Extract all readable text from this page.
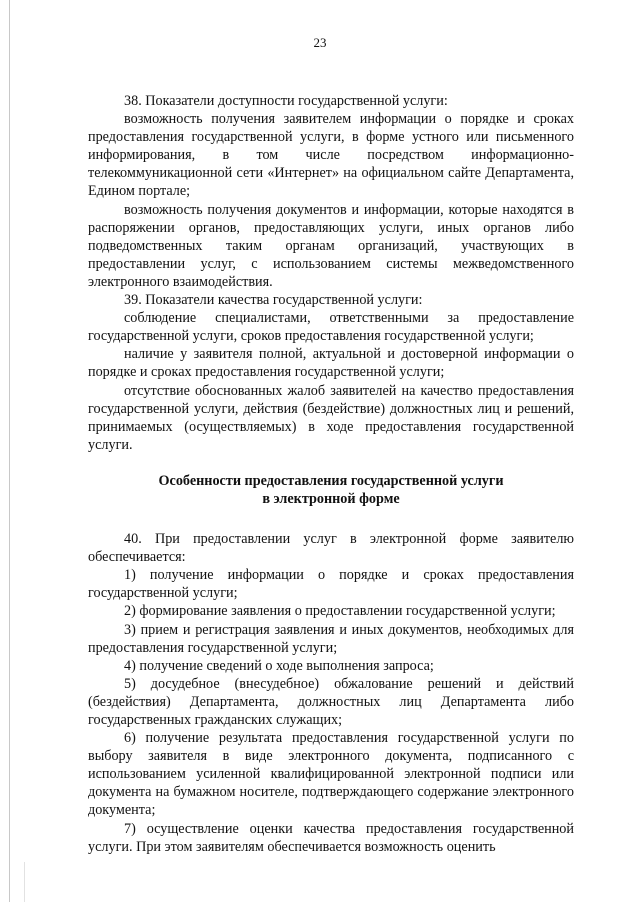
23

38. Показатели доступности государственной услуги:

возможность получения заявителем информации о порядке и сроках предоставления государственной услуги, в форме устного или письменного информирования, в том числе посредством информационно-телекоммуникационной сети «Интернет» на официальном сайте Департамента, Едином портале;

возможность получения документов и информации, которые находятся в распоряжении органов, предоставляющих услуги, иных органов либо подведомственных таким органам организаций, участвующих в предоставлении услуг, с использованием системы межведомственного электронного взаимодействия.

39. Показатели качества государственной услуги:

соблюдение специалистами, ответственными за предоставление государственной услуги, сроков предоставления государственной услуги;

наличие у заявителя полной, актуальной и достоверной информации о порядке и сроках предоставления государственной услуги;

отсутствие обоснованных жалоб заявителей на качество предоставления государственной услуги, действия (бездействие) должностных лиц и решений, принимаемых (осуществляемых) в ходе предоставления государственной услуги.

Особенности предоставления государственной услуги

в электронной форме

40. При предоставлении услуг в электронной форме заявителю обеспечивается:

1) получение информации о порядке и сроках предоставления государственной услуги;

2) формирование заявления о предоставлении государственной услуги;

3) прием и регистрация заявления и иных документов, необходимых для предоставления государственной услуги;

4) получение сведений о ходе выполнения запроса;

5) досудебное (внесудебное) обжалование решений и действий (бездействия) Департамента, должностных лиц Департамента либо государственных гражданских служащих;

6) получение результата предоставления государственной услуги по выбору заявителя в виде электронного документа, подписанного с использованием усиленной квалифицированной электронной подписи или документа на бумажном носителе, подтверждающего содержание электронного документа;

7) осуществление оценки качества предоставления государственной услуги. При этом заявителям обеспечивается возможность оценить
